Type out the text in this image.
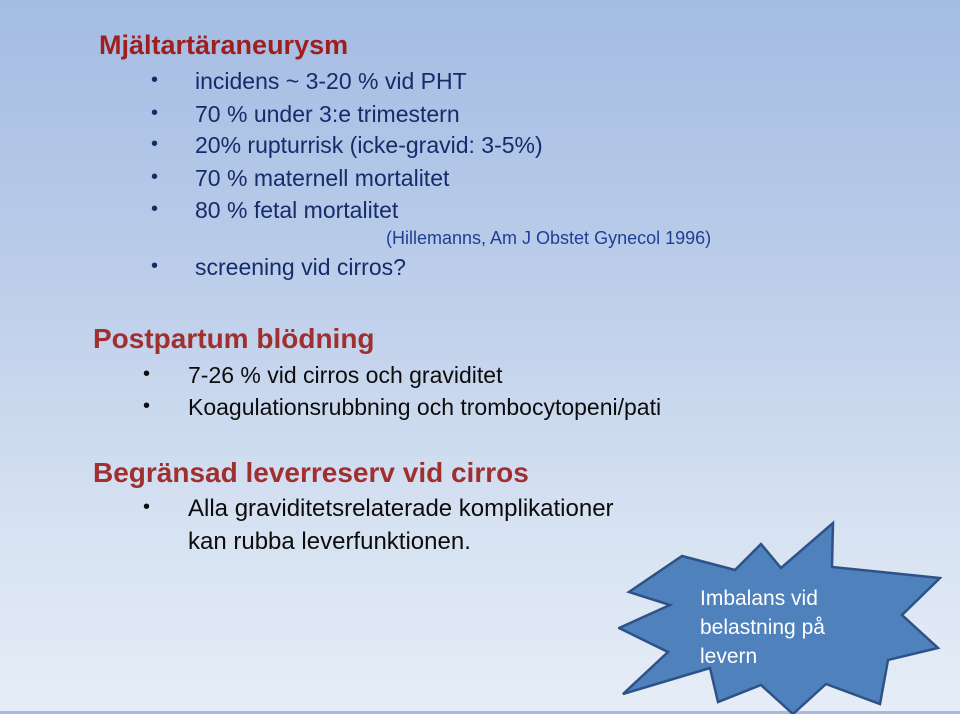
Mjältartäraneurysm
• incidens ~ 3-20 % vid PHT
• 70 % under 3:e trimestern
• 20% rupturrisk (icke-gravid: 3-5%)
• 70 % maternell mortalitet
• 80 % fetal mortalitet
(Hillemanns, Am J Obstet Gynecol 1996)
• screening vid cirros?
Postpartum blödning
• 7-26 % vid cirros och graviditet
• Koagulationsrubbning och trombocytopeni/pati
Begränsad leverreserv vid cirros
• Alla graviditetsrelaterade komplikationer
kan rubba leverfunktionen.
Imbalans vid
belastning på
levern
